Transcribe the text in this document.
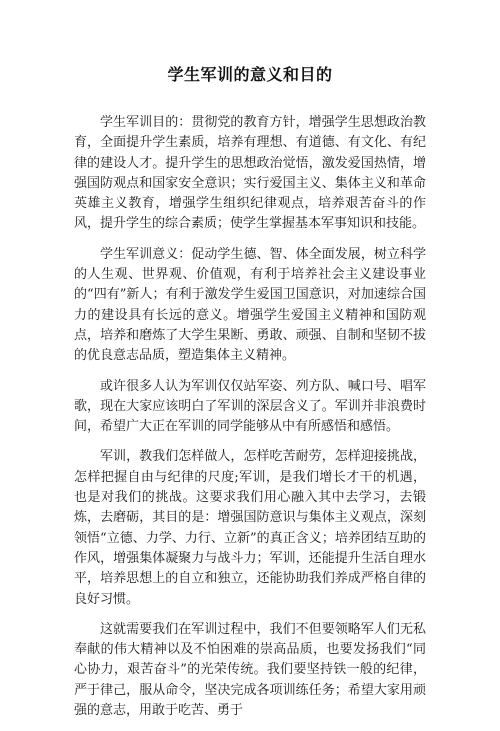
学生军训的意义和目的

学生军训目的：贯彻党的教育方针，增强学生思想政治教育，全面提升学生素质，培养有理想、有道德、有文化、有纪律的建设人才。提升学生的思想政治觉悟，激发爱国热情，增强国防观点和国家安全意识；实行爱国主义、集体主义和革命英雄主义教育，增强学生组织纪律观点，培养艰苦奋斗的作风，提升学生的综合素质；使学生掌握基本军事知识和技能。

学生军训意义：促动学生德、智、体全面发展，树立科学的人生观、世界观、价值观，有利于培养社会主义建设事业的“四有”新人；有利于激发学生爱国卫国意识，对加速综合国力的建设具有长远的意义。增强学生爱国主义精神和国防观点，培养和磨炼了大学生果断、勇敢、顽强、自制和坚韧不拔的优良意志品质，塑造集体主义精神。

或许很多人认为军训仅仅站军姿、列方队、喊口号、唱军歌，现在大家应该明白了军训的深层含义了。军训并非浪费时间，希望广大正在军训的同学能够从中有所感悟和感悟。

军训，教我们怎样做人，怎样吃苦耐劳，怎样迎接挑战，怎样把握自由与纪律的尺度;军训，是我们增长才干的机遇，也是对我们的挑战。这要求我们用心融入其中去学习，去锻炼，去磨砺，其目的是：增强国防意识与集体主义观点，深刻领悟“立德、力学、力行、立新”的真正含义；培养团结互助的作风，增强集体凝聚力与战斗力；军训，还能提升生活自理水平，培养思想上的自立和独立，还能协助我们养成严格自律的良好习惯。

这就需要我们在军训过程中，我们不但要领略军人们无私奉献的伟大精神以及不怕困难的崇高品质，也要发扬我们“同心协力，艰苦奋斗”的光荣传统。我们要坚持铁一般的纪律，严于律己，服从命令，坚决完成各项训练任务；希望大家用顽强的意志，用敢于吃苦、勇于
